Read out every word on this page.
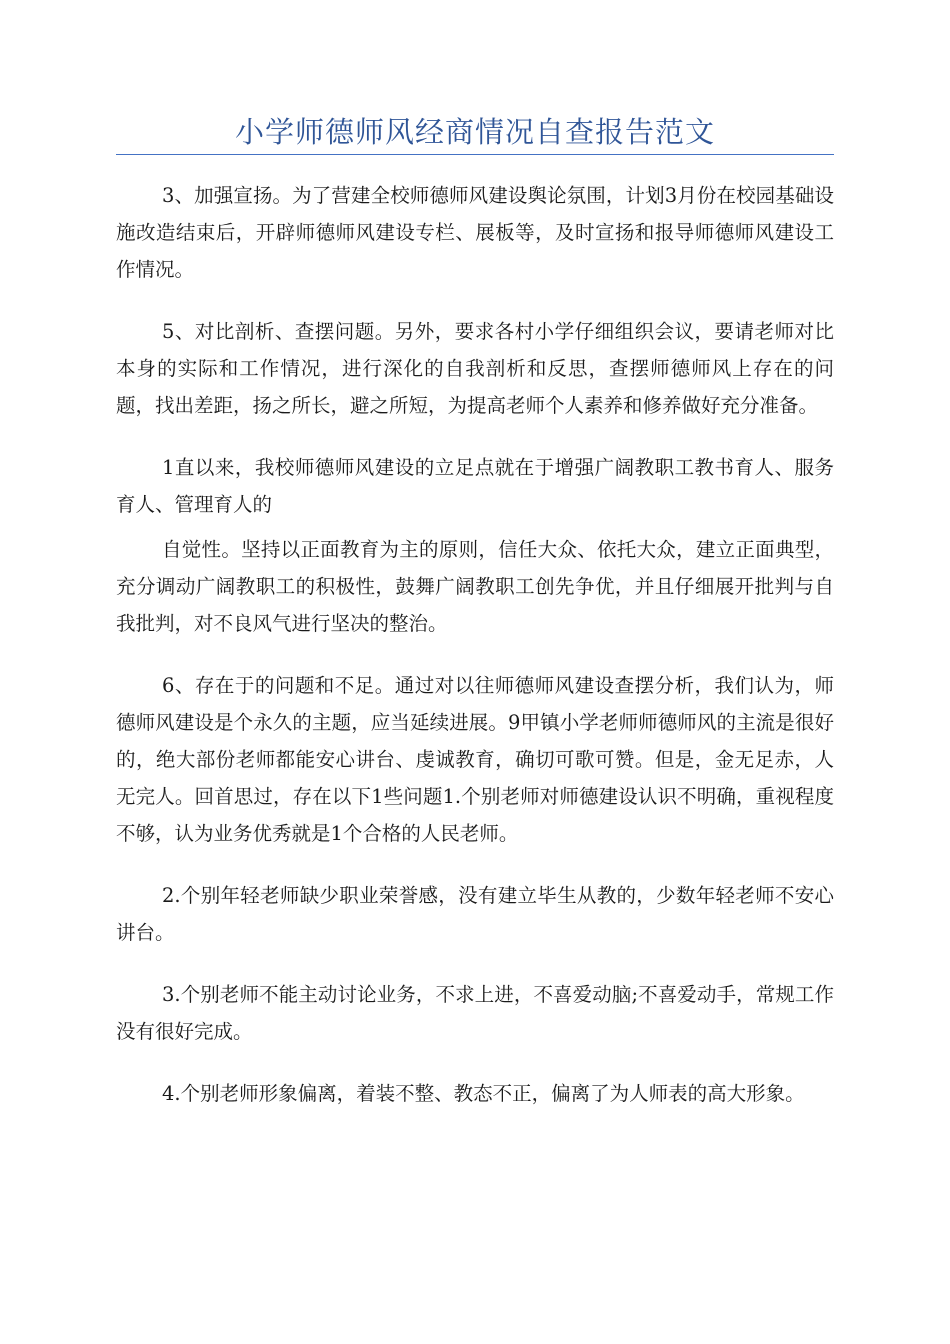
小学师德师风经商情况自查报告范文

3、加强宣扬。为了营建全校师德师风建设舆论氛围，计划3月份在校园基础设施改造结束后，开辟师德师风建设专栏、展板等，及时宣扬和报导师德师风建设工作情况。

5、对比剖析、查摆问题。另外，要求各村小学仔细组织会议，要请老师对比本身的实际和工作情况，进行深化的自我剖析和反思，查摆师德师风上存在的问题，找出差距，扬之所长，避之所短，为提高老师个人素养和修养做好充分准备。

1直以来，我校师德师风建设的立足点就在于增强广阔教职工教书育人、服务育人、管理育人的

自觉性。坚持以正面教育为主的原则，信任大众、依托大众，建立正面典型，充分调动广阔教职工的积极性，鼓舞广阔教职工创先争优，并且仔细展开批判与自我批判，对不良风气进行坚决的整治。

6、存在于的问题和不足。通过对以往师德师风建设查摆分析，我们认为，师德师风建设是个永久的主题，应当延续进展。9甲镇小学老师师德师风的主流是很好的，绝大部份老师都能安心讲台、虔诚教育，确切可歌可赞。但是，金无足赤，人无完人。回首思过，存在以下1些问题1.个别老师对师德建设认识不明确，重视程度不够，认为业务优秀就是1个合格的人民老师。

2.个别年轻老师缺少职业荣誉感，没有建立毕生从教的，少数年轻老师不安心讲台。

3.个别老师不能主动讨论业务，不求上进，不喜爱动脑;不喜爱动手，常规工作没有很好完成。

4.个别老师形象偏离，着装不整、教态不正，偏离了为人师表的高大形象。
